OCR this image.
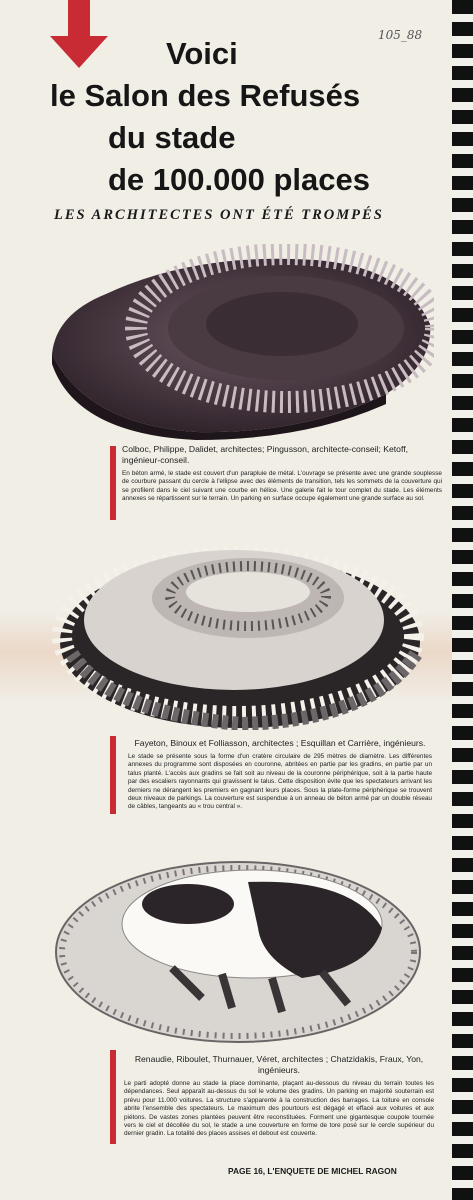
105_88
Voici
le Salon des Refusés
du stade
de 100.000 places
LES ARCHITECTES ONT ÉTÉ TROMPÉS
Colboc, Philippe, Dalidet, architectes; Pingusson, architecte-conseil; Ketoff, ingénieur-conseil.
En béton armé, le stade est couvert d'un parapluie de métal. L'ouvrage se présente avec une grande souplesse de courbure passant du cercle à l'ellipse avec des éléments de transition, tels les sommets de la couverture qui se profilent dans le ciel suivant une courbe en hélice. Une galerie fait le tour complet du stade. Les éléments annexes se répartissent sur le terrain. Un parking en surface occupe également une grande surface au sol.
Fayeton, Binoux et Folliasson, architectes ; Esquillan et Carrière, ingénieurs.
Le stade se présente sous la forme d'un cratère circulaire de 295 mètres de diamètre. Les différentes annexes du programme sont disposées en couronne, abritées en partie par les gradins, en partie par un talus planté. L'accès aux gradins se fait soit au niveau de la couronne périphérique, soit à la partie haute par des escaliers rayonnants qui gravissent le talus. Cette disposition évite que les spectateurs arrivant les derniers ne dérangent les premiers en gagnant leurs places. Sous la plate-forme périphérique se trouvent deux niveaux de parkings. La couverture est suspendue à un anneau de béton armé par un double réseau de câbles, tangeants au « trou central ».
Renaudie, Riboulet, Thurnauer, Véret, architectes ; Chatzidakis, Fraux, Yon, ingénieurs.
Le parti adopté donne au stade la place dominante, plaçant au-dessous du niveau du terrain toutes les dépendances. Seul apparaît au-dessus du sol le volume des gradins. Un parking en majorité souterrain est prévu pour 11.000 voitures. La structure s'apparente à la construction des barrages. La toiture en console abrite l'ensemble des spectateurs. Le maximum des pourtours est dégagé et effacé aux voitures et aux piétons. De vastes zones plantées peuvent être reconstituées. Forment une gigantesque coupole tournée vers le ciel et décollée du sol, le stade a une couverture en forme de tore posé sur le cercle supérieur du dernier gradin. La totalité des places assises et debout est couverte.
PAGE 16, L'ENQUETE DE MICHEL RAGON
